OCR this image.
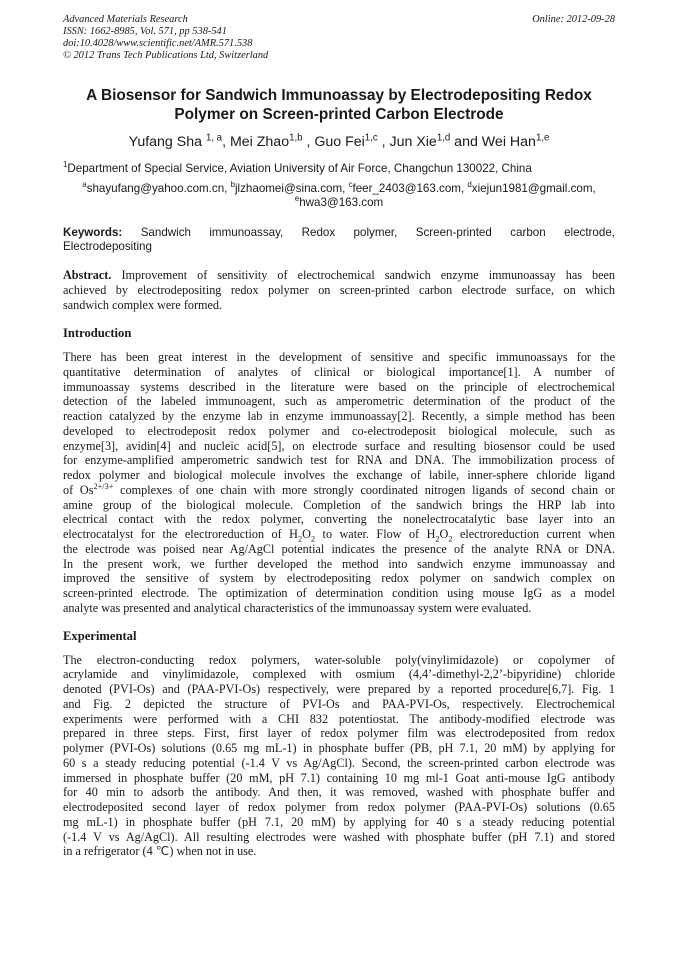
Advanced Materials Research
ISSN: 1662-8985, Vol. 571, pp 538-541
doi:10.4028/www.scientific.net/AMR.571.538
© 2012 Trans Tech Publications Ltd, Switzerland
Online: 2012-09-28
A Biosensor for Sandwich Immunoassay by Electrodepositing Redox
Polymer on Screen-printed Carbon Electrode
Yufang Sha $^{1, a}$, Mei Zhao$^{1,b}$ , Guo Fei$^{1,c}$ , Jun Xie$^{1,d}$ and Wei Han$^{1,e}$
$^1$Department of Special Service, Aviation University of Air Force, Changchun 130022, China
$^a$shayufang@yahoo.com.cn, $^b$jlzhaomei@sina.com, $^c$feer_2403@163.com, $^d$xiejun1981@gmail.com,
$^e$hwa3@163.com
Keywords: Sandwich immunoassay, Redox polymer, Screen-printed carbon electrode,
Electrodepositing
Abstract. Improvement of sensitivity of electrochemical sandwich enzyme immunoassay has been
achieved by electrodepositing redox polymer on screen-printed carbon electrode surface, on which
sandwich complex were formed.
Introduction
There has been great interest in the development of sensitive and specific immunoassays for the
quantitative determination of analytes of clinical or biological importance[1]. A number of
immunoassay systems described in the literature were based on the principle of electrochemical
detection of the labeled immunoagent, such as amperometric determination of the product of the
reaction catalyzed by the enzyme lab in enzyme immunoassay[2]. Recently, a simple method has been
developed to electrodeposit redox polymer and co-electrodeposit biological molecule, such as
enzyme[3], avidin[4] and nucleic acid[5], on electrode surface and resulting biosensor could be used
for enzyme-amplified amperometric sandwich test for RNA and DNA. The immobilization process of
redox polymer and biological molecule involves the exchange of labile, inner-sphere chloride ligand
of $Os^{2+/3+}$ complexes of one chain with more strongly coordinated nitrogen ligands of second chain or
amine group of the biological molecule. Completion of the sandwich brings the HRP lab into
electrical contact with the redox polymer, converting the nonelectrocatalytic base layer into an
electrocatalyst for the electroreduction of $H_2O_2$ to water. Flow of $H_2O_2$ electroreduction current when
the electrode was poised near Ag/AgCl potential indicates the presence of the analyte RNA or DNA.
In the present work, we further developed the method into sandwich enzyme immunoassay and
improved the sensitive of system by electrodepositing redox polymer on sandwich complex on
screen-printed electrode. The optimization of determination condition using mouse IgG as a model
analyte was presented and analytical characteristics of the immunoassay system were evaluated.
Experimental
The electron-conducting redox polymers, water-soluble poly(vinylimidazole) or copolymer of
acrylamide and vinylimidazole, complexed with osmium (4,4’-dimethyl-2,2’-bipyridine) chloride
denoted (PVI-Os) and (PAA-PVI-Os) respectively, were prepared by a reported procedure[6,7]. Fig. 1
and Fig. 2 depicted the structure of PVI-Os and PAA-PVI-Os, respectively. Electrochemical
experiments were performed with a CHI 832 potentiostat. The antibody-modified electrode was
prepared in three steps. First, first layer of redox polymer film was electrodeposited from redox
polymer (PVI-Os) solutions (0.65 mg mL-1) in phosphate buffer (PB, pH 7.1, 20 mM) by applying for
60 s a steady reducing potential (-1.4 V vs Ag/AgCl). Second, the screen-printed carbon electrode was
immersed in phosphate buffer (20 mM, pH 7.1) containing 10 mg ml-1 Goat anti-mouse IgG antibody
for 40 min to adsorb the antibody. And then, it was removed, washed with phosphate buffer and
electrodeposited second layer of redox polymer from redox polymer (PAA-PVI-Os) solutions (0.65
mg mL-1) in phosphate buffer (pH 7.1, 20 mM) by applying for 40 s a steady reducing potential
(-1.4 V vs Ag/AgCl). All resulting electrodes were washed with phosphate buffer (pH 7.1) and stored
in a refrigerator (4 ℃) when not in use.
